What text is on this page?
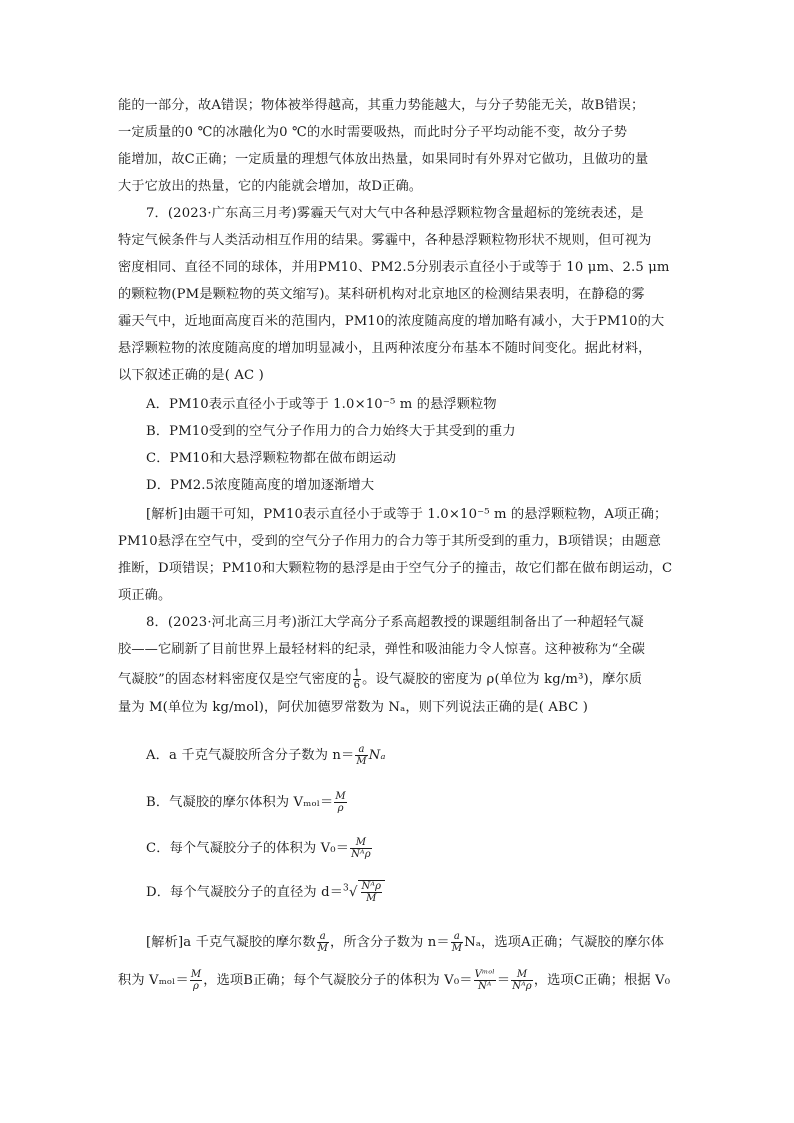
能的一部分，故A错误；物体被举得越高，其重力势能越大，与分子势能无关，故B错误；
一定质量的0 ℃的冰融化为0 ℃的水时需要吸热，而此时分子平均动能不变，故分子势
能增加，故C正确；一定质量的理想气体放出热量，如果同时有外界对它做功，且做功的量
大于它放出的热量，它的内能就会增加，故D正确。
7．(2023·广东高三月考)雾霾天气对大气中各种悬浮颗粒物含量超标的笼统表述，是
特定气候条件与人类活动相互作用的结果。雾霾中，各种悬浮颗粒物形状不规则，但可视为
密度相同、直径不同的球体，并用PM10、PM2.5分别表示直径小于或等于 10 μm、2.5 μm
的颗粒物(PM是颗粒物的英文缩写)。某科研机构对北京地区的检测结果表明，在静稳的雾
霾天气中，近地面高度百米的范围内，PM10的浓度随高度的增加略有减小，大于PM10的大
悬浮颗粒物的浓度随高度的增加明显减小，且两种浓度分布基本不随时间变化。据此材料，
以下叙述正确的是( AC )
A．PM10表示直径小于或等于 1.0×10⁻⁵ m 的悬浮颗粒物
B．PM10受到的空气分子作用力的合力始终大于其受到的重力
C．PM10和大悬浮颗粒物都在做布朗运动
D．PM2.5浓度随高度的增加逐渐增大
[解析]由题干可知，PM10表示直径小于或等于 1.0×10⁻⁵ m 的悬浮颗粒物，A项正确；
PM10悬浮在空气中，受到的空气分子作用力的合力等于其所受到的重力，B项错误；由题意
推断，D项错误；PM10和大颗粒物的悬浮是由于空气分子的撞击，故它们都在做布朗运动，C
项正确。
8．(2023·河北高三月考)浙江大学高分子系高超教授的课题组制备出了一种超轻气凝
胶——它刷新了目前世界上最轻材料的纪录，弹性和吸油能力令人惊喜。这种被称为“全碳
气凝胶”的固态材料密度仅是空气密度的 $\frac{1}{6}$ 。设气凝胶的密度为 ρ(单位为 kg/m³)，摩尔质
量为 M(单位为 kg/mol)，阿伏加德罗常数为 Nₐ，则下列说法正确的是( ABC )
A．a 千克气凝胶所含分子数为 $n= \frac{a}{M}$ Nₐ
B．气凝胶的摩尔体积为 $V_{mol}= \frac{M}{\rho}$
C．每个气凝胶分子的体积为 $V_0= \frac{M}{\text{Nᴬρ}}$
D．每个气凝胶分子的直径为 $d=^3√ \frac{\text{Nᴬρ}}{M}$
[解析]a 千克气凝胶的摩尔数 $\frac{a}{M}$ ，所含分子数为 $n= \frac{a}{M}$ Nₐ，选项A正确；气凝胶的摩尔体
积为 $V_{mol}= \frac{M}{\rho}$ ，选项B正确；每个气凝胶分子的体积为 $V_0= \frac{\text{Vᵐᵒˡ}}{\text{Nᴬ}} = \frac{M}{\text{Nᴬρ}}$ ，选项C正确；根据 V₀
